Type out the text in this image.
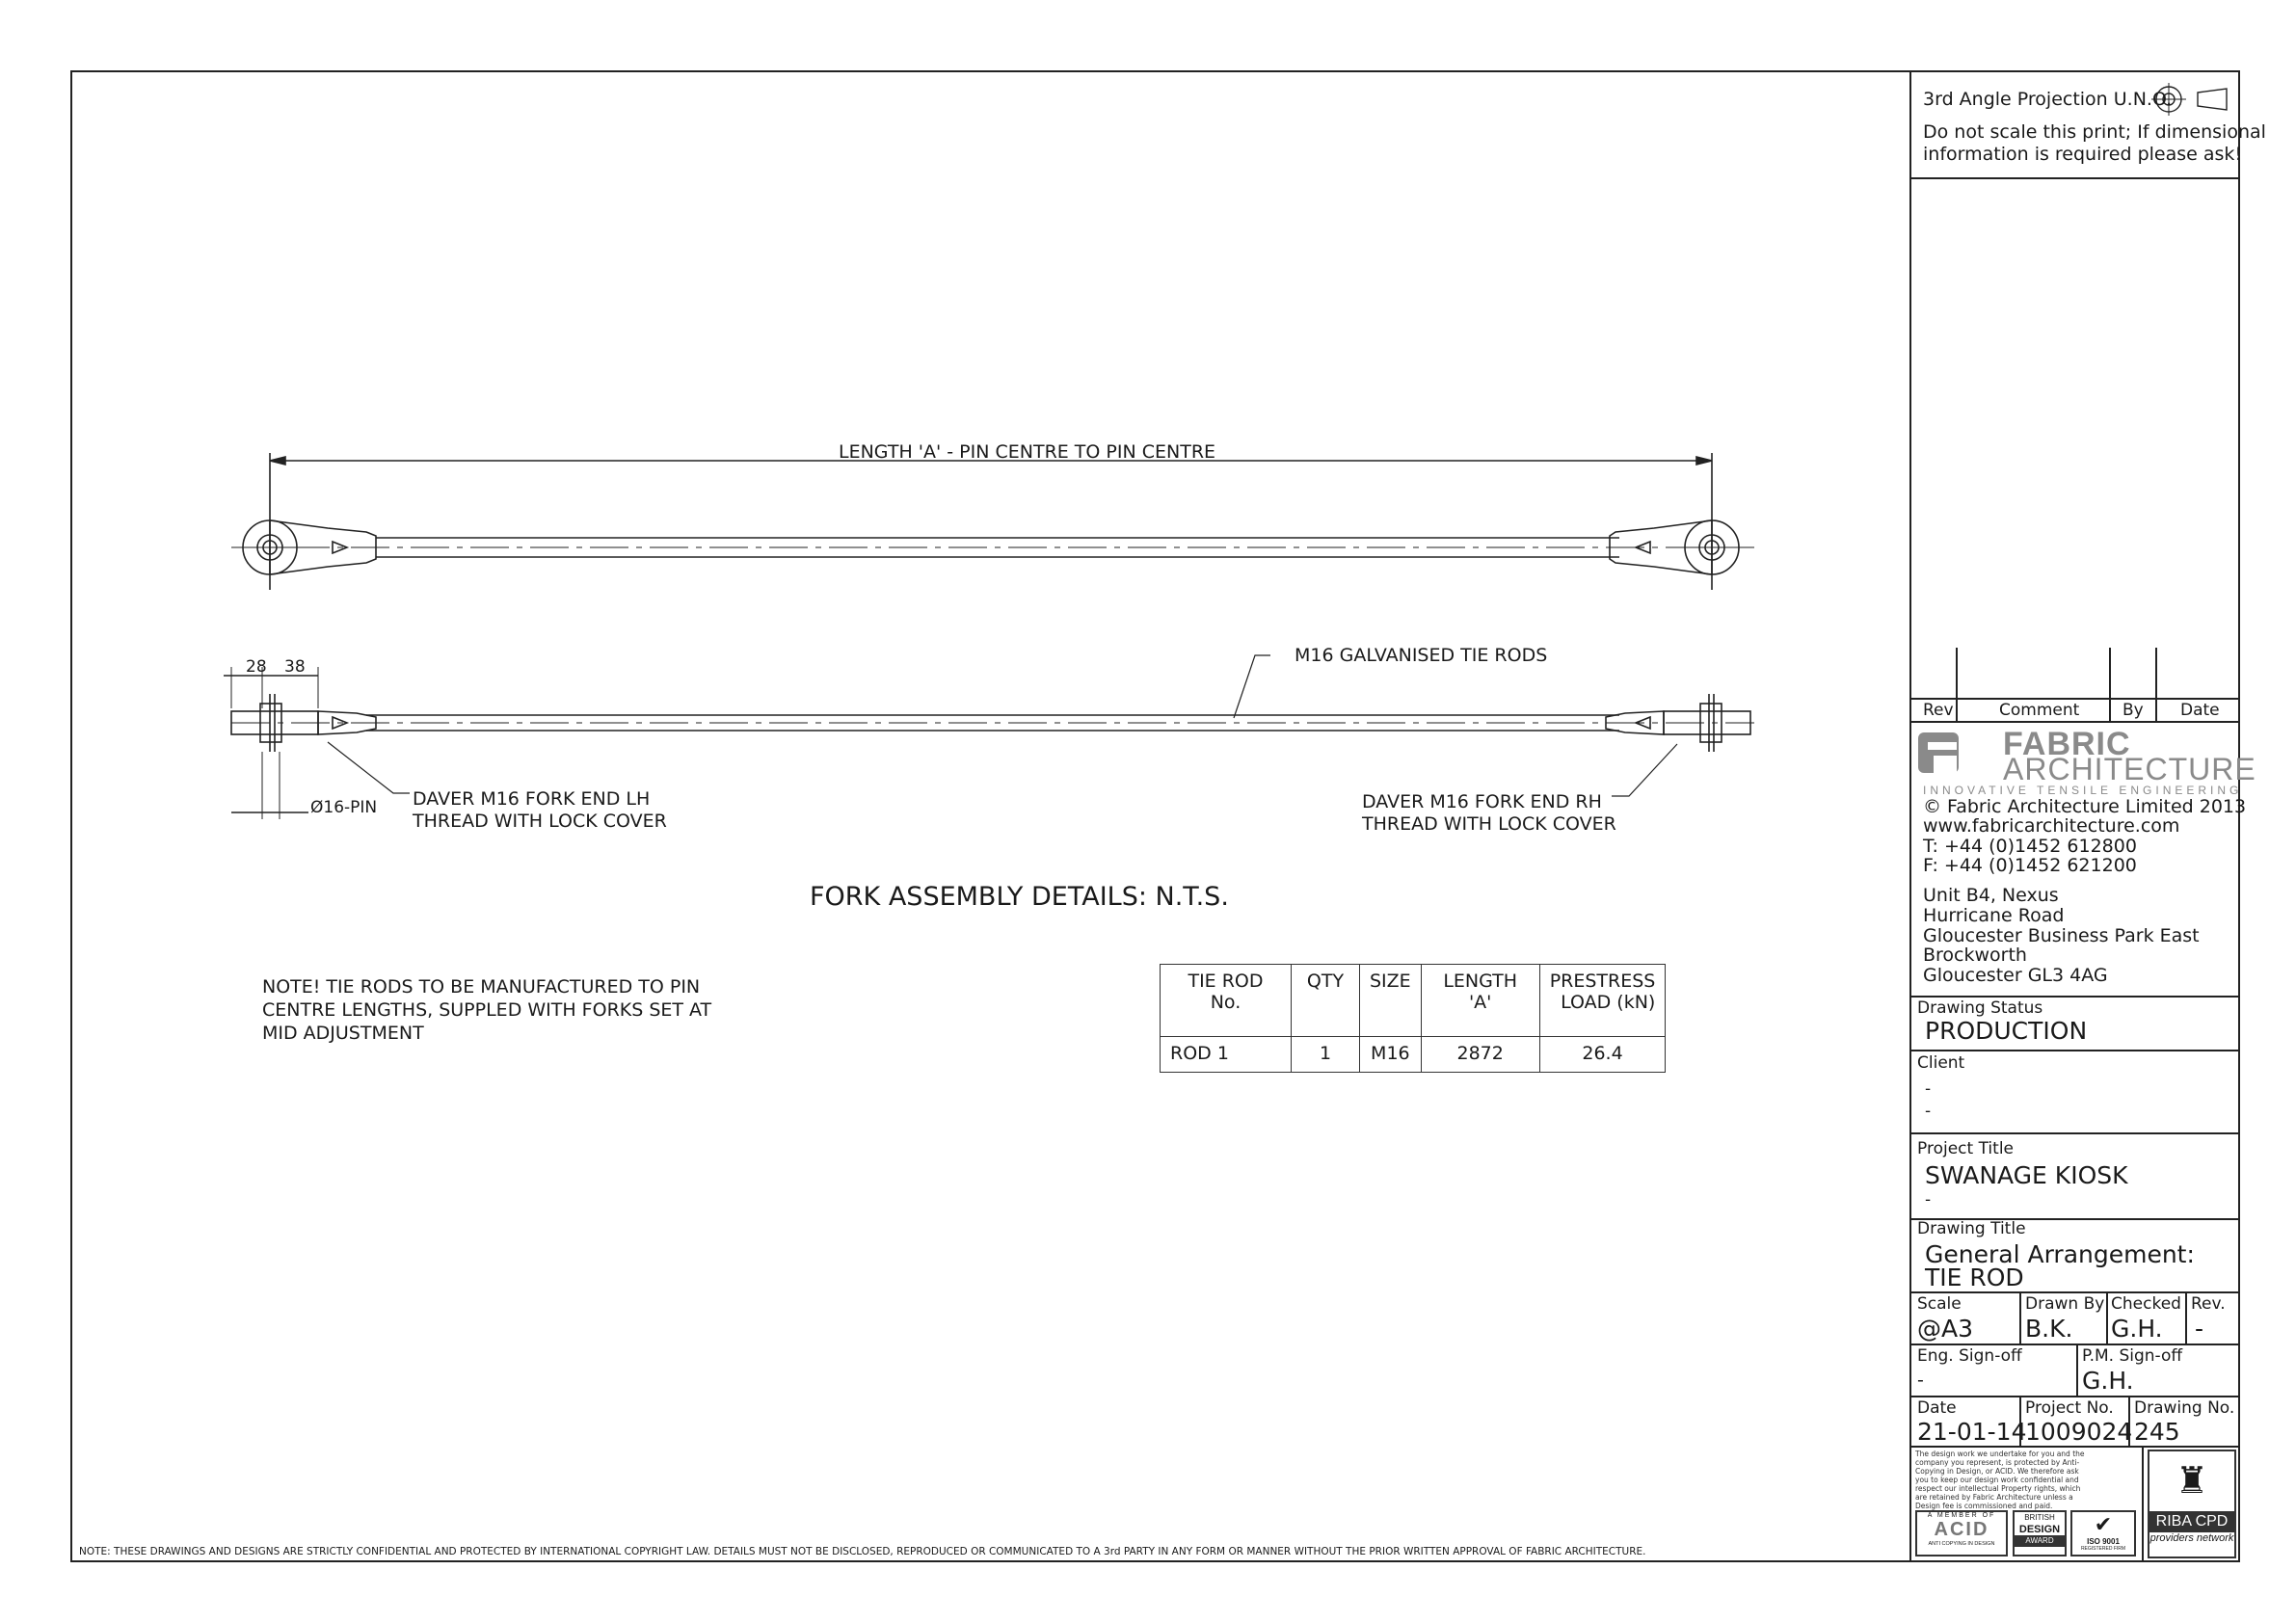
LENGTH 'A' - PIN CENTRE TO PIN CENTRE
28 38
Ø16-PIN
M16 GALVANISED TIE RODS
DAVER M16 FORK END LH
THREAD WITH LOCK COVER
DAVER M16 FORK END RH
THREAD WITH LOCK COVER
FORK ASSEMBLY DETAILS: N.T.S.
NOTE! TIE RODS TO BE MANUFACTURED TO PIN
CENTRE LENGTHS, SUPPLED WITH FORKS SET AT
MID ADJUSTMENT
NOTE: THESE DRAWINGS AND DESIGNS ARE STRICTLY CONFIDENTIAL AND PROTECTED BY INTERNATIONAL COPYRIGHT LAW. DETAILS MUST NOT BE DISCLOSED, REPRODUCED OR COMMUNICATED TO A 3rd PARTY IN ANY FORM OR MANNER WITHOUT THE PRIOR WRITTEN APPROVAL OF FABRIC ARCHITECTURE.
TIE ROD No.	QTY	SIZE	LENGTH 'A'	PRESTRESS
LOAD (kN)

ROD 1	1	M16	2872	26.4
3rd Angle Projection U.N.O.
Do not scale this print; If dimensional
information is required please ask!
Rev	Comment	By Date
FABRIC
ARCHITECTURE
INNOVATIVE TENSILE ENGINEERING
© Fabric Architecture Limited 2013
www.fabricarchitecture.com
T: +44 (0)1452 612800
F: +44 (0)1452 621200
Unit B4, Nexus
Hurricane Road
Gloucester Business Park East
Brockworth
Gloucester GL3 4AG
Drawing Status
PRODUCTION
Client
-
-
Project Title
SWANAGE KIOSK
-
Drawing Title
General Arrangement:
TIE ROD
Scale
@A3
Drawn By
B.K.
Checked
G.H.
Rev.
-
Eng. Sign-off
-
P.M. Sign-off
G.H.
Date
21-01-14
Project No.
1009024
Drawing No.
245
The design work we undertake for you and the company you represent, is protected by Anti-Copying in Design, or ACID. We therefore ask you to keep our design work confidential and respect our intellectual Property rights, which are retained by Fabric Architecture unless a Design fee is commissioned and paid.
A MEMBER OF
ACID
ANTI COPYING IN DESIGN
BRITISH
DESIGN
AWARD
✔
ISO 9001
REGISTERED FIRM
♜
RIBA CPD
providers network
